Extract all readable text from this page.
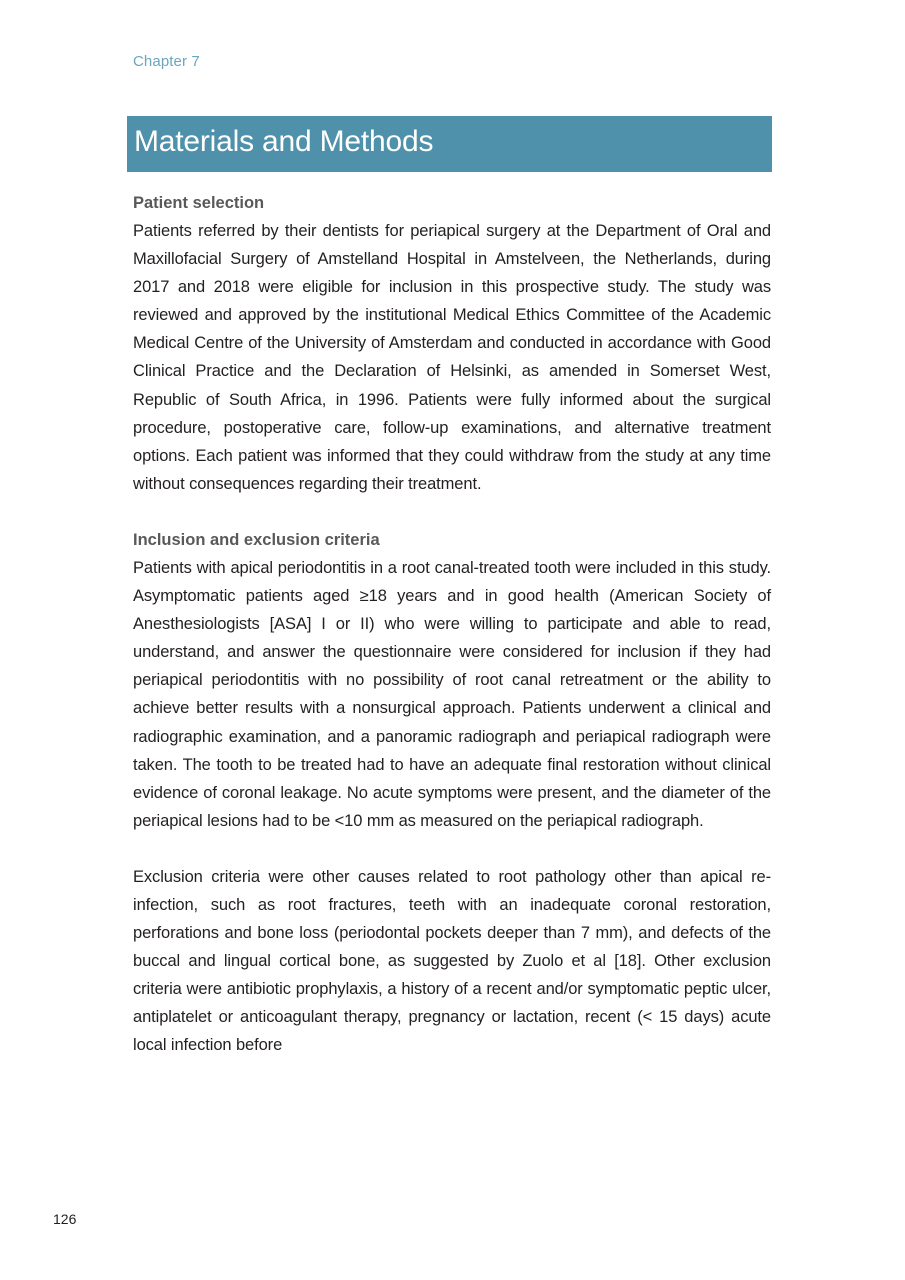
Chapter 7
Materials and Methods
Patient selection

Patients referred by their dentists for periapical surgery at the Department of Oral and Maxillofacial Surgery of Amstelland Hospital in Amstelveen, the Netherlands, during 2017 and 2018 were eligible for inclusion in this prospective study. The study was reviewed and approved by the institutional Medical Ethics Committee of the Academic Medical Centre of the University of Amsterdam and conducted in accordance with Good Clinical Practice and the Declaration of Helsinki, as amended in Somerset West, Republic of South Africa, in 1996. Patients were fully informed about the surgical procedure, postoperative care, follow-up examinations, and alternative treatment options. Each patient was informed that they could withdraw from the study at any time without consequences regarding their treatment.

Inclusion and exclusion criteria

Patients with apical periodontitis in a root canal-treated tooth were included in this study. Asymptomatic patients aged ≥18 years and in good health (American Society of Anesthesiologists [ASA] I or II) who were willing to participate and able to read, understand, and answer the questionnaire were considered for inclusion if they had periapical periodontitis with no possibility of root canal retreatment or the ability to achieve better results with a nonsurgical approach. Patients underwent a clinical and radiographic examination, and a panoramic radiograph and periapical radiograph were taken. The tooth to be treated had to have an adequate final restoration without clinical evidence of coronal leakage. No acute symptoms were present, and the diameter of the periapical lesions had to be <10 mm as measured on the periapical radiograph.

Exclusion criteria were other causes related to root pathology other than apical re-infection, such as root fractures, teeth with an inadequate coronal restoration, perforations and bone loss (periodontal pockets deeper than 7 mm), and defects of the buccal and lingual cortical bone, as suggested by Zuolo et al [18]. Other exclusion criteria were antibiotic prophylaxis, a history of a recent and/or symptomatic peptic ulcer, antiplatelet or anticoagulant therapy, pregnancy or lactation, recent (< 15 days) acute local infection before

126
